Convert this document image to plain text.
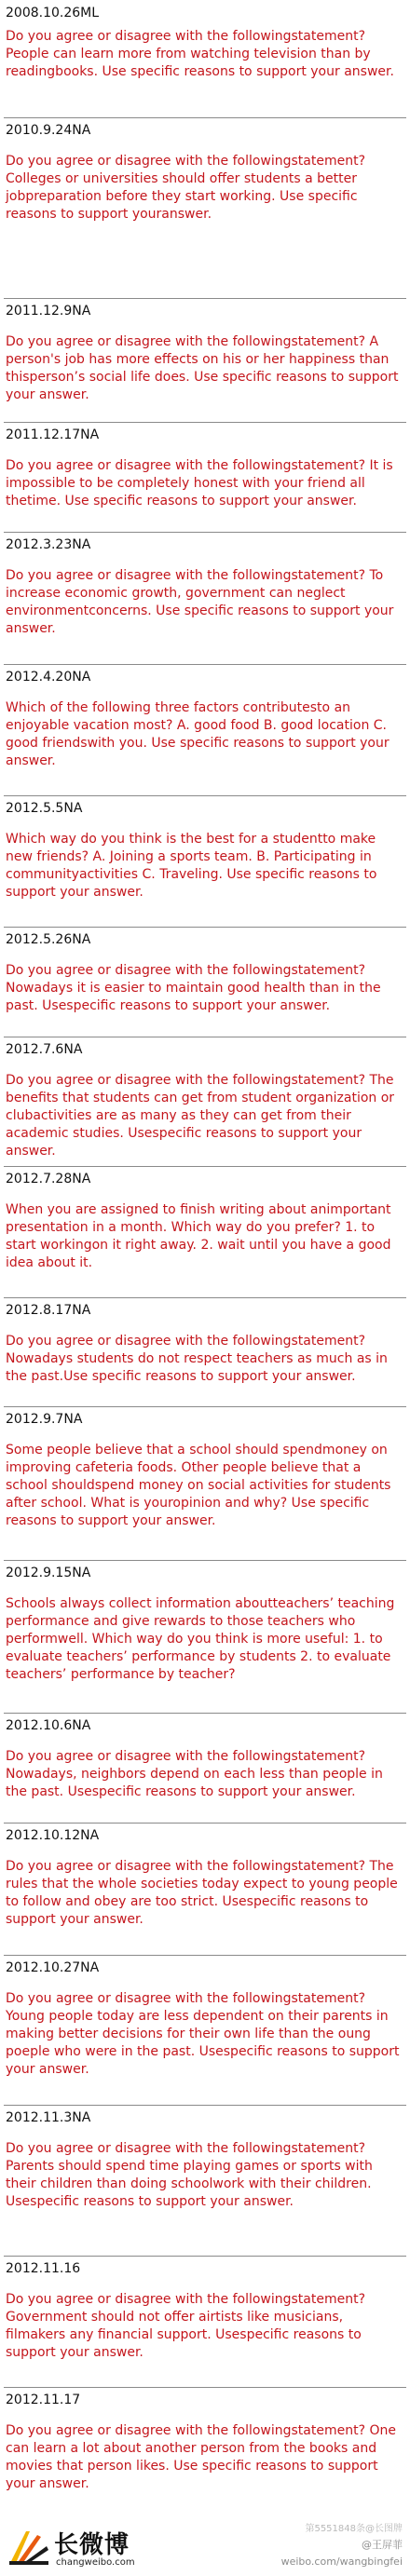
2008.10.26ML
Do you agree or disagree with the followingstatement? People can learn more from watching television than by readingbooks. Use specific reasons to support your answer.
2010.9.24NA
Do you agree or disagree with the followingstatement? Colleges or universities should offer students a better jobpreparation before they start working. Use specific reasons to support youranswer.
2011.12.9NA
Do you agree or disagree with the followingstatement? A person's job has more effects on his or her happiness than thisperson’s social life does. Use specific reasons to support your answer.
2011.12.17NA
Do you agree or disagree with the followingstatement? It is impossible to be completely honest with your friend all thetime. Use specific reasons to support your answer.
2012.3.23NA
Do you agree or disagree with the followingstatement? To increase economic growth, government can neglect environmentconcerns. Use specific reasons to support your answer.
2012.4.20NA
Which of the following three factors contributesto an enjoyable vacation most? A. good food B. good location C. good friendswith you. Use specific reasons to support your answer.
2012.5.5NA
Which way do you think is the best for a studentto make new friends? A. Joining a sports team. B. Participating in communityactivities C. Traveling. Use specific reasons to support your answer.
2012.5.26NA
Do you agree or disagree with the followingstatement? Nowadays it is easier to maintain good health than in the past. Usespecific reasons to support your answer.
2012.7.6NA
Do you agree or disagree with the followingstatement? The benefits that students can get from student organization or clubactivities are as many as they can get from their academic studies. Usespecific reasons to support your answer.
2012.7.28NA
When you are assigned to finish writing about animportant presentation in a month. Which way do you prefer? 1. to start workingon it right away. 2. wait until you have a good idea about it.
2012.8.17NA
Do you agree or disagree with the followingstatement? Nowadays students do not respect teachers as much as in the past.Use specific reasons to support your answer.
2012.9.7NA
Some people believe that a school should spendmoney on improving cafeteria foods. Other people believe that a school shouldspend money on social activities for students after school. What is youropinion and why? Use specific reasons to support your answer.
2012.9.15NA
Schools always collect information aboutteachers’ teaching performance and give rewards to those teachers who performwell. Which way do you think is more useful: 1. to evaluate teachers’ performance by students 2. to evaluate teachers’ performance by teacher?
2012.10.6NA
Do you agree or disagree with the followingstatement? Nowadays, neighbors depend on each less than people in the past. Usespecific reasons to support your answer.
2012.10.12NA
Do you agree or disagree with the followingstatement? The rules that the whole societies today expect to young people to follow and obey are too strict. Usespecific reasons to support your answer.
2012.10.27NA
Do you agree or disagree with the followingstatement? Young people today are less dependent on their parents in making better decisions for their own life than the oung poeple who were in the past. Usespecific reasons to support your answer.
2012.11.3NA
Do you agree or disagree with the followingstatement? Parents should spend time playing games or sports with their children than doing schoolwork with their children. Usespecific reasons to support your answer.
2012.11.16
Do you agree or disagree with the followingstatement? Government should not offer airtists like musicians, filmakers any financial support. Usespecific reasons to support your answer.
2012.11.17
Do you agree or disagree with the followingstatement? One can learn a lot about another person from the books and movies that person likes. Use specific reasons to support your answer.
长微博
changweibo.com
第5551848条@长图牌
@王屏菲
weibo.com/wangbingfei
